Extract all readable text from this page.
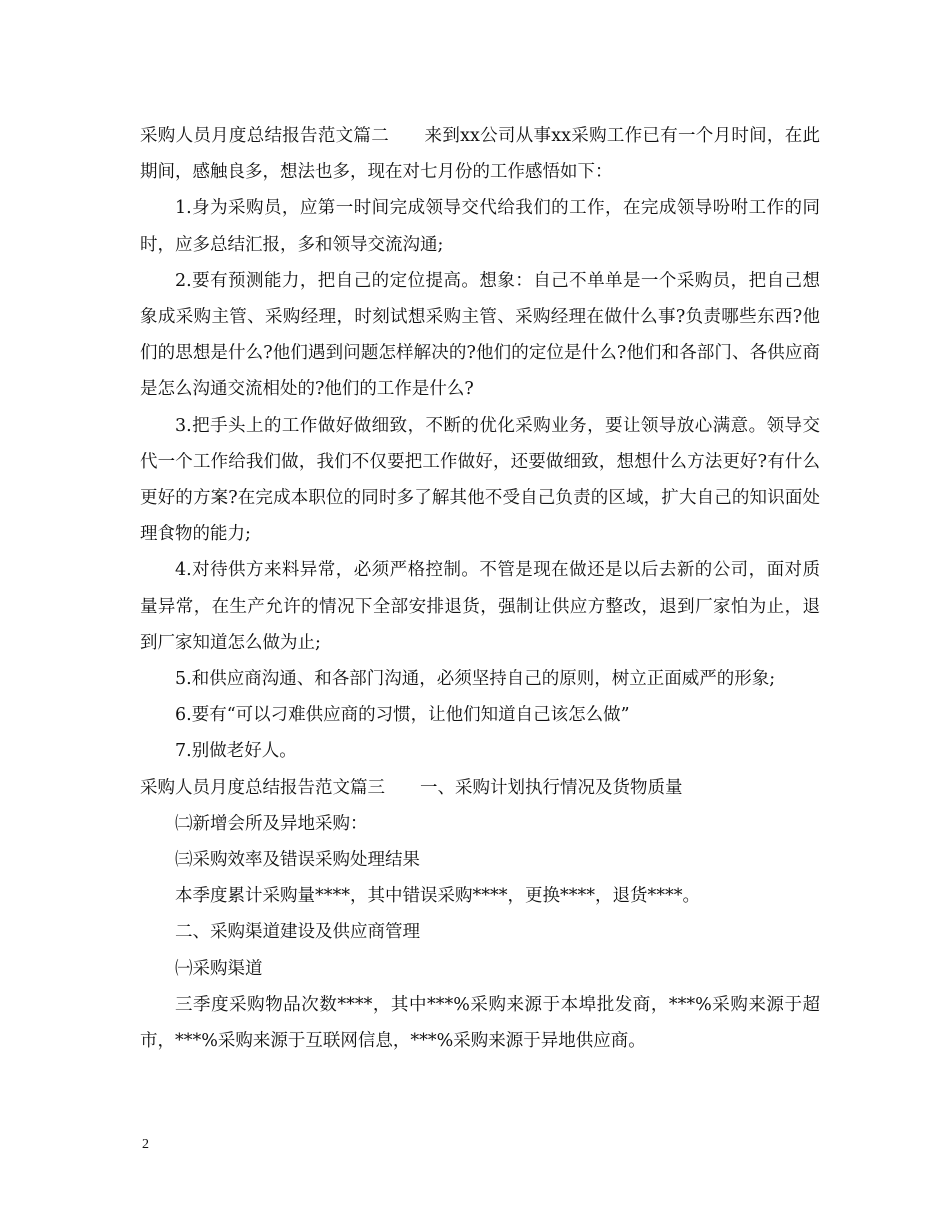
采购人员月度总结报告范文篇二　　来到xx公司从事xx采购工作已有一个月时间，在此期间，感触良多，想法也多，现在对七月份的工作感悟如下：

1.身为采购员，应第一时间完成领导交代给我们的工作，在完成领导吩咐工作的同时，应多总结汇报，多和领导交流沟通;

2.要有预测能力，把自己的定位提高。想象：自己不单单是一个采购员，把自己想象成采购主管、采购经理，时刻试想采购主管、采购经理在做什么事?负责哪些东西?他们的思想是什么?他们遇到问题怎样解决的?他们的定位是什么?他们和各部门、各供应商是怎么沟通交流相处的?他们的工作是什么?

3.把手头上的工作做好做细致，不断的优化采购业务，要让领导放心满意。领导交代一个工作给我们做，我们不仅要把工作做好，还要做细致，想想什么方法更好?有什么更好的方案?在完成本职位的同时多了解其他不受自己负责的区域，扩大自己的知识面处理食物的能力;

4.对待供方来料异常，必须严格控制。不管是现在做还是以后去新的公司，面对质量异常，在生产允许的情况下全部安排退货，强制让供应方整改，退到厂家怕为止，退到厂家知道怎么做为止;

5.和供应商沟通、和各部门沟通，必须坚持自己的原则，树立正面威严的形象;

6.要有“可以刁难供应商的习惯，让他们知道自己该怎么做”

7.别做老好人。

采购人员月度总结报告范文篇三　　一、采购计划执行情况及货物质量

㈡新增会所及异地采购：

㈢采购效率及错误采购处理结果

本季度累计采购量****，其中错误采购****，更换****，退货****。

二、采购渠道建设及供应商管理

㈠采购渠道

三季度采购物品次数****，其中***%采购来源于本埠批发商，***%采购来源于超市，***%采购来源于互联网信息，***%采购来源于异地供应商。

2
